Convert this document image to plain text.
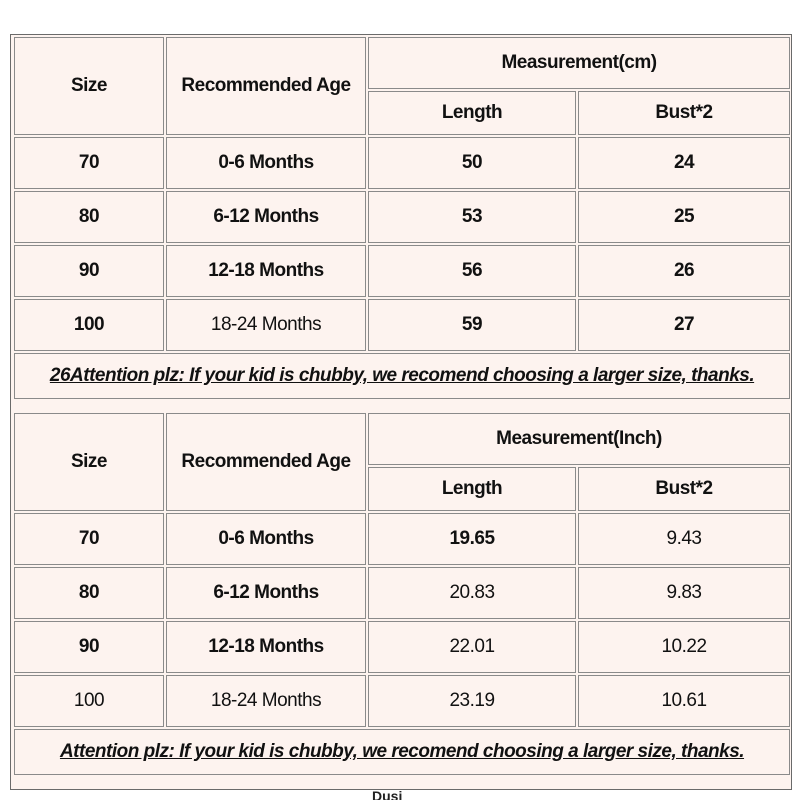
Size	Recommended Age	Measurement(cm)	
		Length	Bust*2
70	0-6 Months	50	24
80	6-12 Months	53	25
90	12-18 Months	56	26
100	18-24 Months	59	27
26Attention plz: If your kid is chubby, we recomend choosing a larger size, thanks.			
Size	Recommended Age	Measurement(Inch)	
		Length	Bust*2
70	0-6 Months	19.65	9.43
80	6-12 Months	20.83	9.83
90	12-18 Months	22.01	10.22
100	18-24 Months	23.19	10.61
Attention plz: If your kid is chubby, we recomend choosing a larger size, thanks.			
Dusi
